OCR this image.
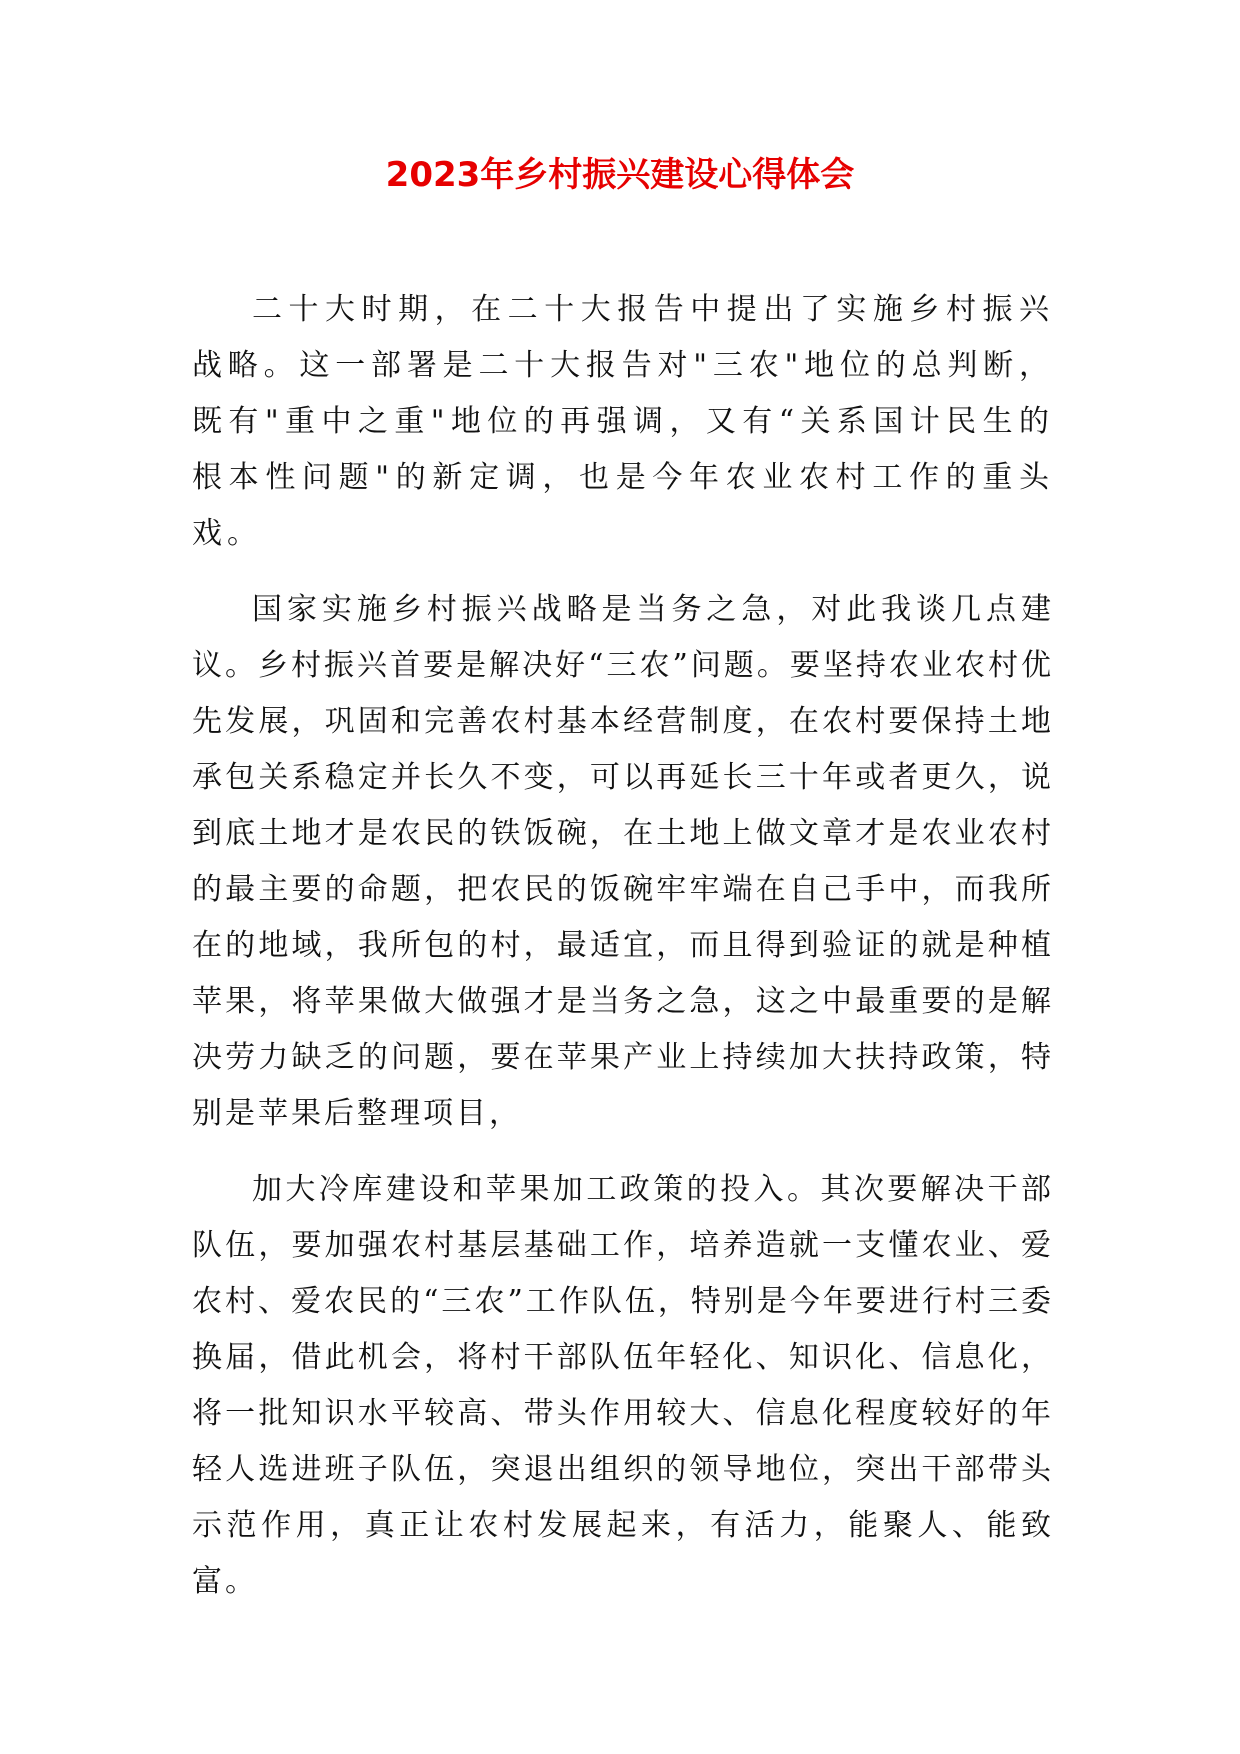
2023年乡村振兴建设心得体会

二十大时期，在二十大报告中提出了实施乡村振兴战略。这一部署是二十大报告对"三农"地位的总判断，既有"重中之重"地位的再强调，又有“关系国计民生的根本性问题"的新定调，也是今年农业农村工作的重头戏。

国家实施乡村振兴战略是当务之急，对此我谈几点建议。乡村振兴首要是解决好“三农”问题。要坚持农业农村优先发展，巩固和完善农村基本经营制度，在农村要保持土地承包关系稳定并长久不变，可以再延长三十年或者更久，说到底土地才是农民的铁饭碗，在土地上做文章才是农业农村的最主要的命题，把农民的饭碗牢牢端在自己手中，而我所在的地域，我所包的村，最适宜，而且得到验证的就是种植苹果，将苹果做大做强才是当务之急，这之中最重要的是解决劳力缺乏的问题，要在苹果产业上持续加大扶持政策，特别是苹果后整理项目，

加大冷库建设和苹果加工政策的投入。其次要解决干部队伍，要加强农村基层基础工作，培养造就一支懂农业、爱农村、爱农民的“三农”工作队伍，特别是今年要进行村三委换届，借此机会，将村干部队伍年轻化、知识化、信息化，将一批知识水平较高、带头作用较大、信息化程度较好的年轻人选进班子队伍，突退出组织的领导地位，突出干部带头示范作用，真正让农村发展起来，有活力，能聚人、能致富。
